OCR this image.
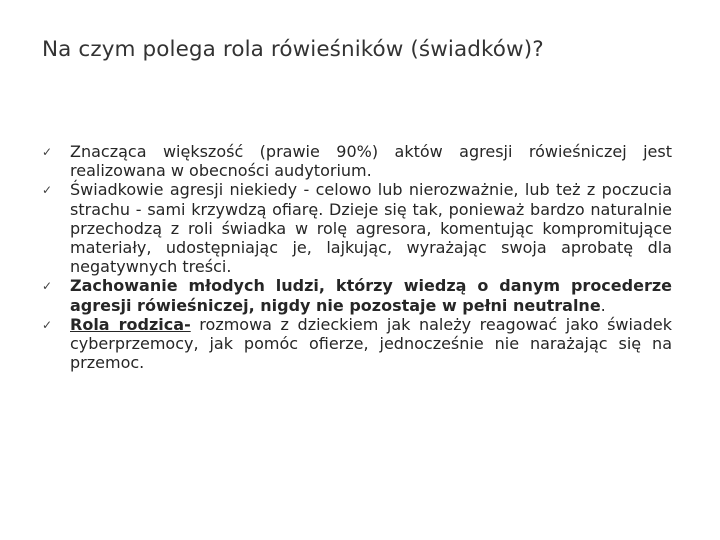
Na czym polega rola rówieśników (świadków)?
✓ Znacząca większość (prawie 90%) aktów agresji rówieśniczej jest realizowana w obecności audytorium.
✓ Świadkowie agresji niekiedy - celowo lub nierozważnie, lub też z poczucia strachu - sami krzywdzą ofiarę. Dzieje się tak, ponieważ bardzo naturalnie przechodzą z roli świadka w rolę agresora, komentując kompromitujące materiały, udostępniając je, lajkując, wyrażając swoja aprobatę dla negatywnych treści.
✓ Zachowanie młodych ludzi, którzy wiedzą o danym procederze agresji rówieśniczej, nigdy nie pozostaje w pełni neutralne.
✓ Rola rodzica- rozmowa z dzieckiem jak należy reagować jako świadek cyberprzemocy, jak pomóc ofierze, jednocześnie nie narażając się na przemoc.
